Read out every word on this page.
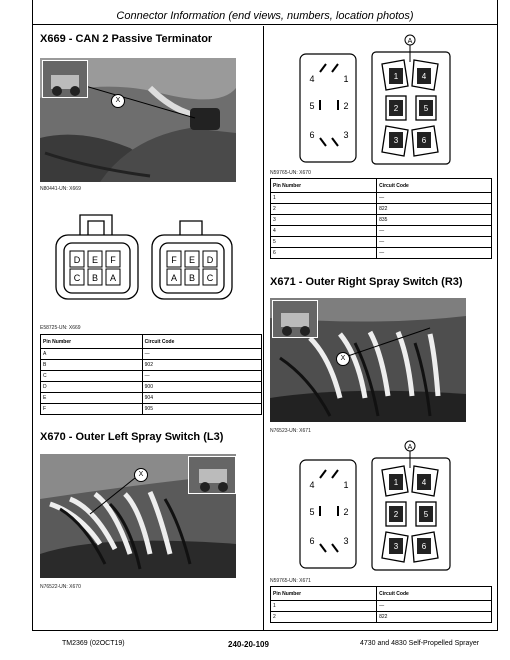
Connector Information (end views, numbers, location photos)
X669 - CAN 2 Passive Terminator
X
N80441-UN: X669
D E F
C B A
F E D
A B C
E58725-UN: X669
Pin Number	Circuit Code
A	—
B	902
C	—
D	900
E	904
F	905
X670 - Outer Left Spray Switch (L3)
X
N76522-UN: X670
4	1
5	2
6	3
1	4
2	5
3	6
A
N59765-UN: X670
Pin Number	Circuit Code
1	—
2	822
3	835
4	—
5	—
6	—
X671 - Outer Right Spray Switch (R3)
X
N76523-UN: X671
4	1
5	2
6	3
1	4
2	5
3	6
A
N59765-UN: X671
Pin Number	Circuit Code
1	—
2	822
TM2369 (02OCT19)	240-20-109	4730 and 4830 Self-Propelled Sprayer
